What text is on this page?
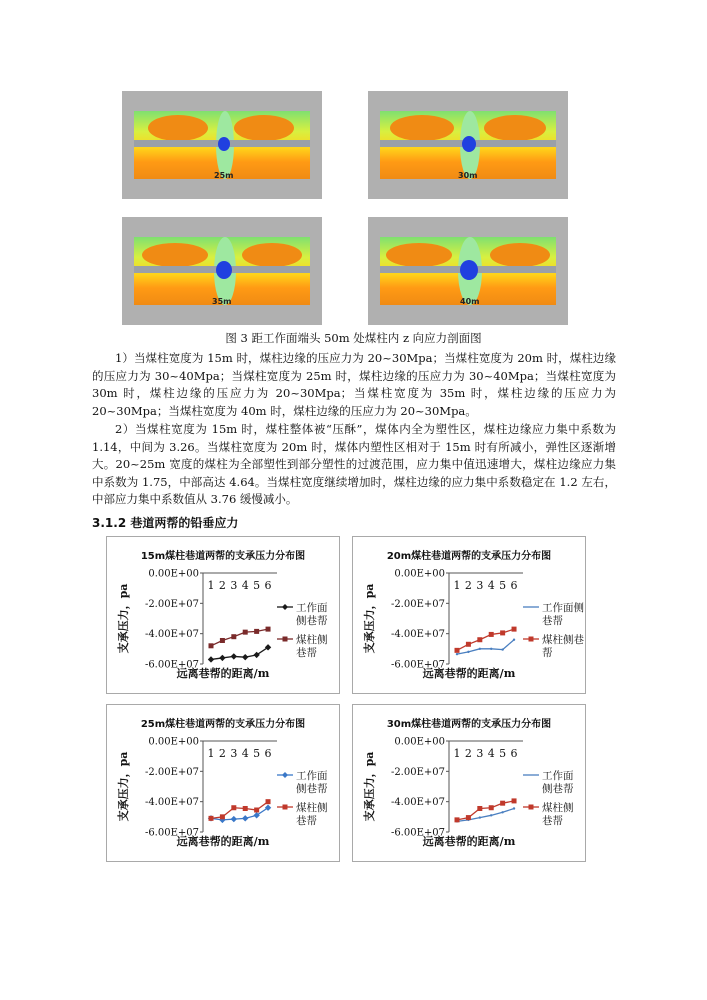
25m	30m
35m	40m
图 3 距工作面端头 50m 处煤柱内 z 向应力剖面图
1）当煤柱宽度为 15m 时，煤柱边缘的压应力为 20~30Mpa；当煤柱宽度为 20m 时，煤柱边缘的压应力为 30~40Mpa；当煤柱宽度为 25m 时，煤柱边缘的压应力为 30~40Mpa；当煤柱宽度为 30m 时，煤柱边缘的压应力为 20~30Mpa；当煤柱宽度为 35m 时，煤柱边缘的压应力为 20~30Mpa；当煤柱宽度为 40m 时，煤柱边缘的压应力为 20~30Mpa。
2）当煤柱宽度为 15m 时，煤柱整体被“压酥”，煤体内全为塑性区，煤柱边缘应力集中系数为 1.14，中间为 3.26。当煤柱宽度为 20m 时，煤体内塑性区相对于 15m 时有所减小，弹性区逐渐增大。20~25m 宽度的煤柱为全部塑性到部分塑性的过渡范围，应力集中值迅速增大，煤柱边缘应力集中系数为 1.75，中部高达 4.64。当煤柱宽度继续增加时，煤柱边缘的应力集中系数稳定在 1.2 左右，中部应力集中系数值从 3.76 缓慢减小。
3.1.2 巷道两帮的铅垂应力
15m煤柱巷道两帮的支承压力分布图
0.00E+00
-2.00E+07
-4.00E+07
-6.00E+07
1 2 3 4 5 6
支承压力，pa
远离巷帮的距离/m
工作面
侧巷帮
煤柱侧
巷帮
20m煤柱巷道两帮的支承压力分布图
0.00E+00
-2.00E+07
-4.00E+07
-6.00E+07
1 2 3 4 5 6
支承压力，pa
远离巷帮的距离/m
工作面侧
巷帮
煤柱侧巷
帮
25m煤柱巷道两帮的支承压力分布图
0.00E+00
-2.00E+07
-4.00E+07
-6.00E+07
1 2 3 4 5 6
支承压力，pa
远离巷帮的距离/m
工作面
侧巷帮
煤柱侧
巷帮
30m煤柱巷道两帮的支承压力分布图
0.00E+00
-2.00E+07
-4.00E+07
-6.00E+07
1 2 3 4 5 6
支承压力，pa
远离巷帮的距离/m
工作面
侧巷帮
煤柱侧
巷帮
